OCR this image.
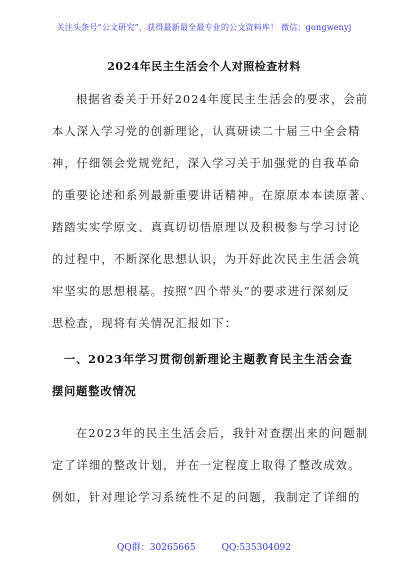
关注头条号“公文研究”，获得最新最全最专业的公文资料库！ 微信：gongwenyj
2024年民主生活会个人对照检查材料
根据省委关于开好2024年度民主生活会的要求，会前
本人深入学习党的创新理论，认真研读二十届三中全会精
神，仔细领会党规党纪，深入学习关于加强党的自我革命
的重要论述和系列最新重要讲话精神。在原原本本读原著、
踏踏实实学原文、真真切切悟原理以及积极参与学习讨论
的过程中，不断深化思想认识，为开好此次民主生活会筑
牢坚实的思想根基。按照“四个带头”的要求进行深刻反
思检查，现将有关情况汇报如下：
一、2023年学习贯彻创新理论主题教育民主生活会查
摆问题整改情况
在2023年的民主生活会后，我针对查摆出来的问题制
定了详细的整改计划，并在一定程度上取得了整改成效。
例如，针对理论学习系统性不足的问题，我制定了详细的
QQ群：30265665	QQ:535304092
